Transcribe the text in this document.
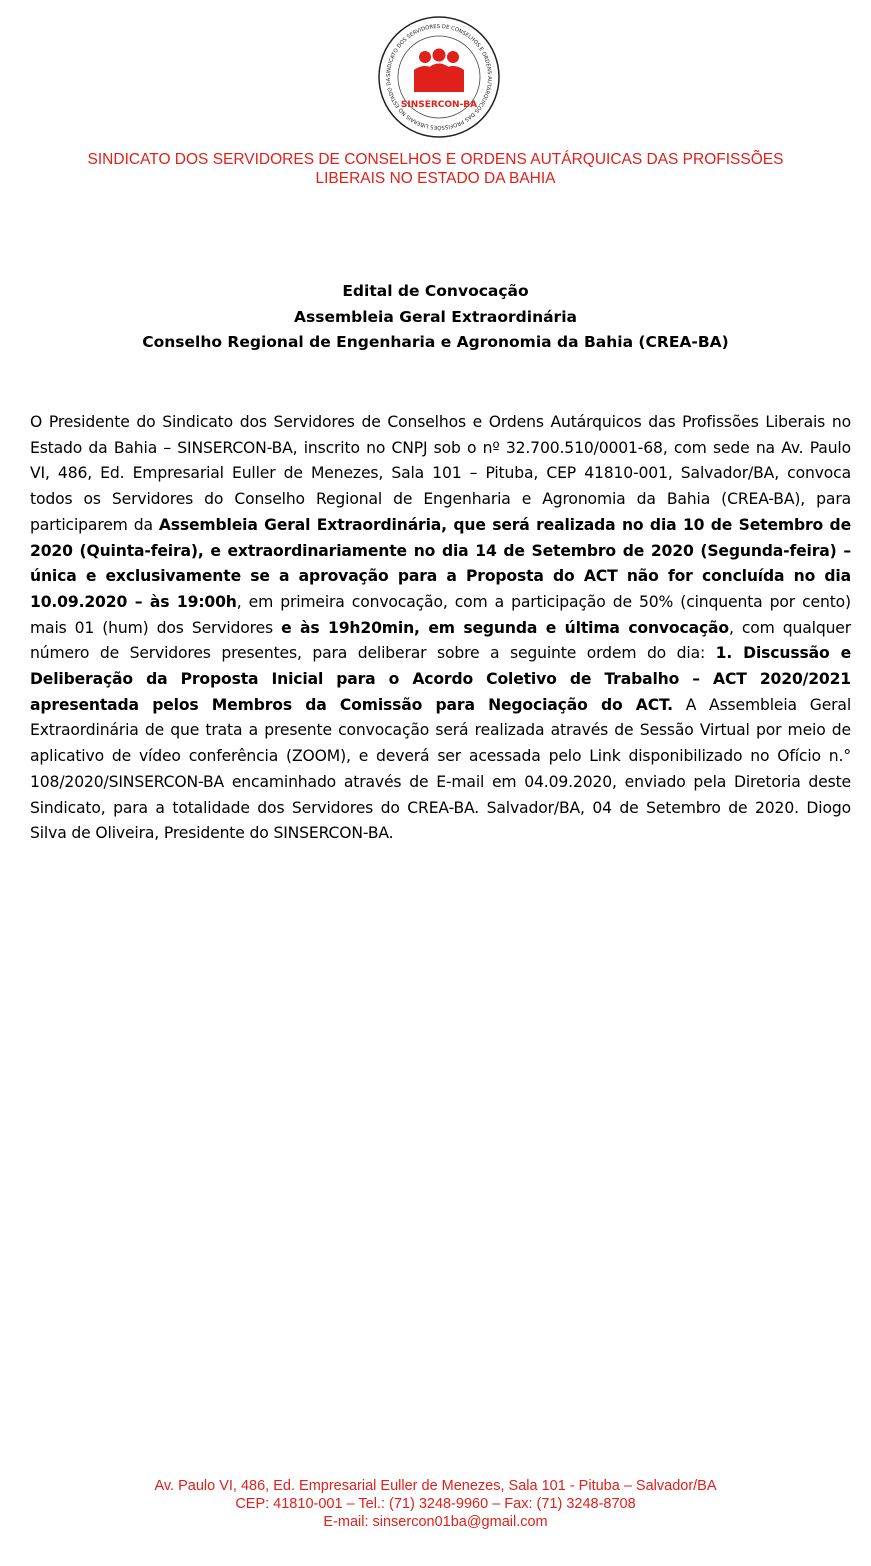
SINDICATO DOS SERVIDORES DE CONSELHOS E ORDENS AUTÁRQUICOS DAS PROFISSÕES LIBERAIS NO ESTADO DA
SINSERCON-BA
SINDICATO DOS SERVIDORES DE CONSELHOS E ORDENS AUTÁRQUICAS DAS PROFISSÕES
LIBERAIS NO ESTADO DA BAHIA
Edital de Convocação
Assembleia Geral Extraordinária
Conselho Regional de Engenharia e Agronomia da Bahia (CREA-BA)
O Presidente do Sindicato dos Servidores de Conselhos e Ordens Autárquicos das Profissões Liberais no Estado da Bahia – SINSERCON-BA, inscrito no CNPJ sob o nº 32.700.510/0001-68, com sede na Av. Paulo VI, 486, Ed. Empresarial Euller de Menezes, Sala 101 – Pituba, CEP 41810-001, Salvador/BA, convoca todos os Servidores do Conselho Regional de Engenharia e Agronomia da Bahia (CREA-BA), para participarem da Assembleia Geral Extraordinária, que será realizada no dia 10 de Setembro de 2020 (Quinta-feira), e extraordinariamente no dia 14 de Setembro de 2020 (Segunda-feira) – única e exclusivamente se a aprovação para a Proposta do ACT não for concluída no dia 10.09.2020 – às 19:00h, em primeira convocação, com a participação de 50% (cinquenta por cento) mais 01 (hum) dos Servidores e às 19h20min, em segunda e última convocação, com qualquer número de Servidores presentes, para deliberar sobre a seguinte ordem do dia: 1. Discussão e Deliberação da Proposta Inicial para o Acordo Coletivo de Trabalho – ACT 2020/2021 apresentada pelos Membros da Comissão para Negociação do ACT. A Assembleia Geral Extraordinária de que trata a presente convocação será realizada através de Sessão Virtual por meio de aplicativo de vídeo conferência (ZOOM), e deverá ser acessada pelo Link disponibilizado no Ofício n.° 108/2020/SINSERCON-BA encaminhado através de E-mail em 04.09.2020, enviado pela Diretoria deste Sindicato, para a totalidade dos Servidores do CREA-BA. Salvador/BA, 04 de Setembro de 2020. Diogo Silva de Oliveira, Presidente do SINSERCON-BA.
Av. Paulo VI, 486, Ed. Empresarial Euller de Menezes, Sala 101 - Pituba – Salvador/BA
CEP: 41810-001 – Tel.: (71) 3248-9960 – Fax: (71) 3248-8708
E-mail: sinsercon01ba@gmail.com
